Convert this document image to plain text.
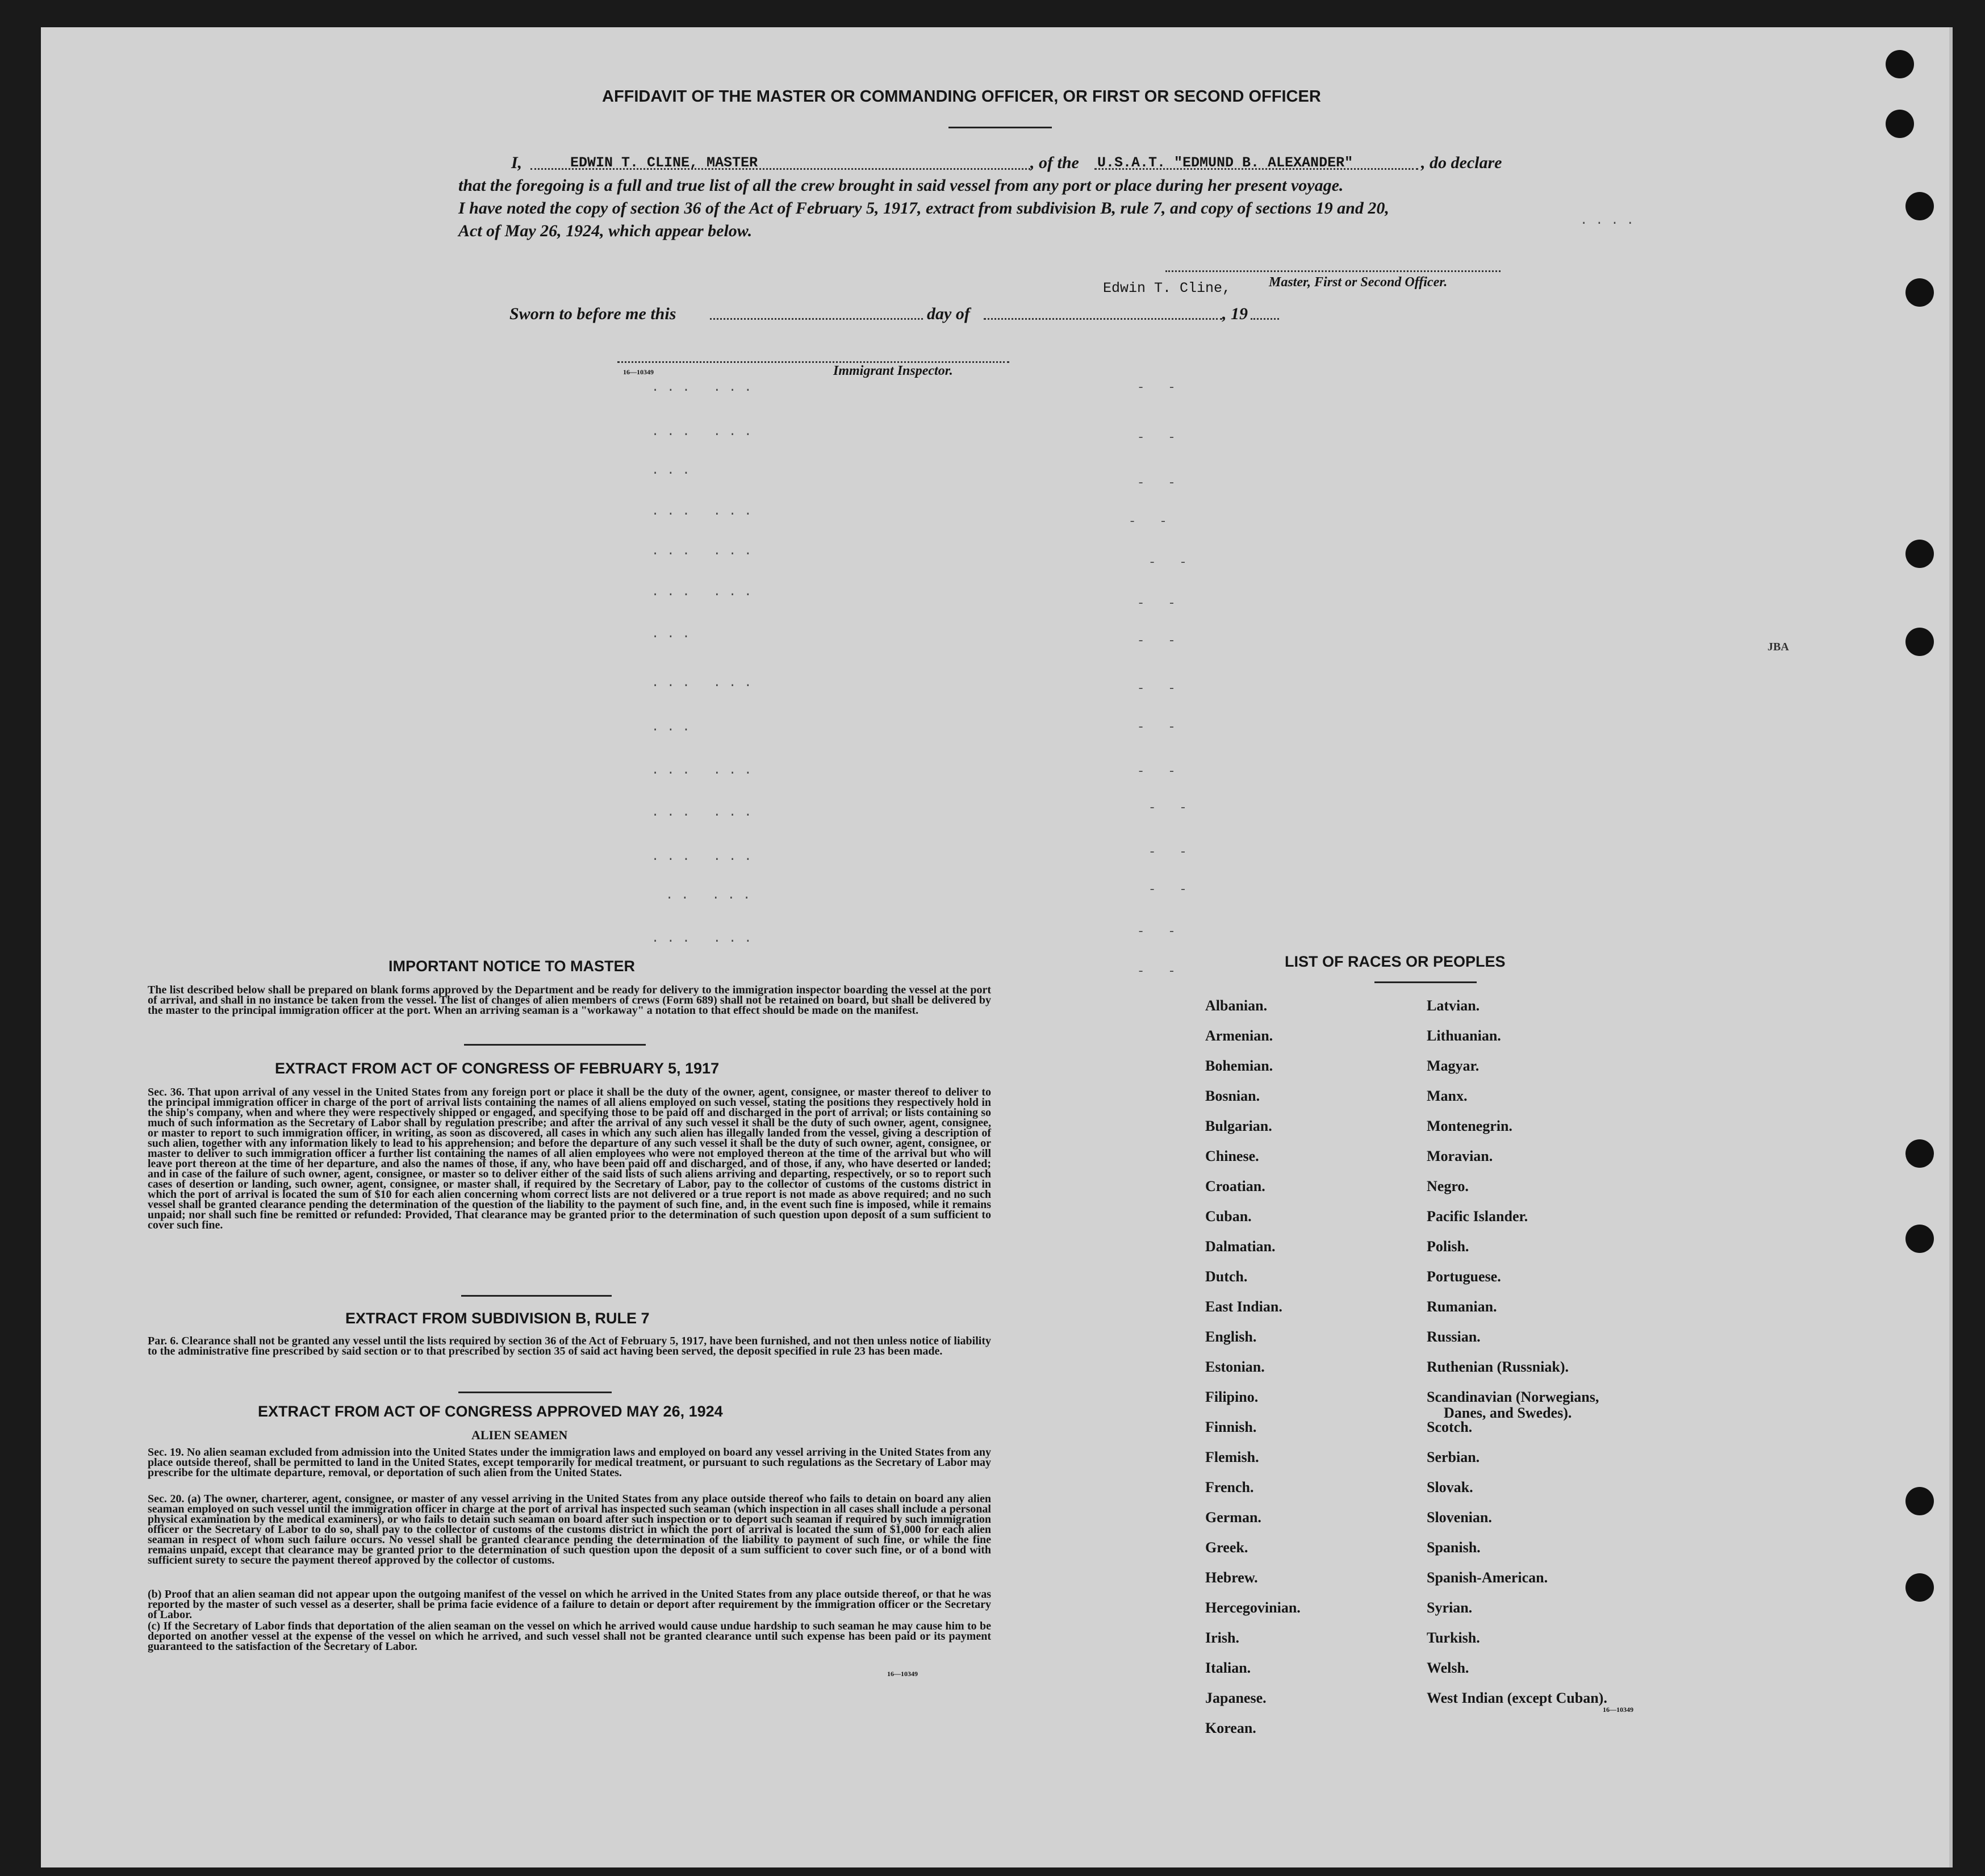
AFFIDAVIT OF THE MASTER OR COMMANDING OFFICER, OR FIRST OR SECOND OFFICER
I,	EDWIN T. CLINE, MASTER	, of the U.S.A.T. "EDMUND B. ALEXANDER"	, do declare
that the foregoing is a full and true list of all the crew brought in said vessel from any port or place during her present voyage.
I have noted the copy of section 36 of the Act of February 5, 1917, extract from subdivision B, rule 7, and copy of sections 19 and 20,
Act of May 26, 1924, which appear below.
Edwin T. Cline,	Master, First or Second Officer.
Sworn to before me this	day of	, 19
16—10349	Immigrant Inspector.
... ...
... ...
...
... ...
... ...
... ...
...
... ...
...
... ...
... ...
... ...
.. ...
... ...
- -
- -
- -
- -
- -
- -
- -
- -
- -
- -
- -
- -
- -
- -
- -
....
JBA
IMPORTANT NOTICE TO MASTER
The list described below shall be prepared on blank forms approved by the Department and be ready for delivery to the immigration inspector boarding the vessel at the port of arrival, and shall in no instance be taken from the vessel. The list of changes of alien members of crews (Form 689) shall not be retained on board, but shall be delivered by the master to the principal immigration officer at the port. When an arriving seaman is a "workaway" a notation to that effect should be made on the manifest.
EXTRACT FROM ACT OF CONGRESS OF FEBRUARY 5, 1917
Sec. 36. That upon arrival of any vessel in the United States from any foreign port or place it shall be the duty of the owner, agent, consignee, or master thereof to deliver to the principal immigration officer in charge of the port of arrival lists containing the names of all aliens employed on such vessel, stating the positions they respectively hold in the ship's company, when and where they were respectively shipped or engaged, and specifying those to be paid off and discharged in the port of arrival; or lists containing so much of such information as the Secretary of Labor shall by regulation prescribe; and after the arrival of any such vessel it shall be the duty of such owner, agent, consignee, or master to report to such immigration officer, in writing, as soon as discovered, all cases in which any such alien has illegally landed from the vessel, giving a description of such alien, together with any information likely to lead to his apprehension; and before the departure of any such vessel it shall be the duty of such owner, agent, consignee, or master to deliver to such immigration officer a further list containing the names of all alien employees who were not employed thereon at the time of the arrival but who will leave port thereon at the time of her departure, and also the names of those, if any, who have been paid off and discharged, and of those, if any, who have deserted or landed; and in case of the failure of such owner, agent, consignee, or master so to deliver either of the said lists of such aliens arriving and departing, respectively, or so to report such cases of desertion or landing, such owner, agent, consignee, or master shall, if required by the Secretary of Labor, pay to the collector of customs of the customs district in which the port of arrival is located the sum of $10 for each alien concerning whom correct lists are not delivered or a true report is not made as above required; and no such vessel shall be granted clearance pending the determination of the question of the liability to the payment of such fine, and, in the event such fine is imposed, while it remains unpaid; nor shall such fine be remitted or refunded: Provided, That clearance may be granted prior to the determination of such question upon deposit of a sum sufficient to cover such fine.
EXTRACT FROM SUBDIVISION B, RULE 7
Par. 6. Clearance shall not be granted any vessel until the lists required by section 36 of the Act of February 5, 1917, have been furnished, and not then unless notice of liability to the administrative fine prescribed by said section or to that prescribed by section 35 of said act having been served, the deposit specified in rule 23 has been made.
EXTRACT FROM ACT OF CONGRESS APPROVED MAY 26, 1924
ALIEN SEAMEN
Sec. 19. No alien seaman excluded from admission into the United States under the immigration laws and employed on board any vessel arriving in the United States from any place outside thereof, shall be permitted to land in the United States, except temporarily for medical treatment, or pursuant to such regulations as the Secretary of Labor may prescribe for the ultimate departure, removal, or deportation of such alien from the United States.
Sec. 20. (a) The owner, charterer, agent, consignee, or master of any vessel arriving in the United States from any place outside thereof who fails to detain on board any alien seaman employed on such vessel until the immigration officer in charge at the port of arrival has inspected such seaman (which inspection in all cases shall include a personal physical examination by the medical examiners), or who fails to detain such seaman on board after such inspection or to deport such seaman if required by such immigration officer or the Secretary of Labor to do so, shall pay to the collector of customs of the customs district in which the port of arrival is located the sum of $1,000 for each alien seaman in respect of whom such failure occurs. No vessel shall be granted clearance pending the determination of the liability to payment of such fine, or while the fine remains unpaid, except that clearance may be granted prior to the determination of such question upon the deposit of a sum sufficient to cover such fine, or of a bond with sufficient surety to secure the payment thereof approved by the collector of customs.
(b) Proof that an alien seaman did not appear upon the outgoing manifest of the vessel on which he arrived in the United States from any place outside thereof, or that he was reported by the master of such vessel as a deserter, shall be prima facie evidence of a failure to detain or deport after requirement by the immigration officer or the Secretary of Labor.
(c) If the Secretary of Labor finds that deportation of the alien seaman on the vessel on which he arrived would cause undue hardship to such seaman he may cause him to be deported on another vessel at the expense of the vessel on which he arrived, and such vessel shall not be granted clearance until such expense has been paid or its payment guaranteed to the satisfaction of the Secretary of Labor.
16—10349
LIST OF RACES OR PEOPLES
Albanian.
Armenian.
Bohemian.
Bosnian.
Bulgarian.
Chinese.
Croatian.
Cuban.
Dalmatian.
Dutch.
East Indian.
English.
Estonian.
Filipino.
Finnish.
Flemish.
French.
German.
Greek.
Hebrew.
Hercegovinian.
Irish.
Italian.
Japanese.
Korean.
Latvian.
Lithuanian.
Magyar.
Manx.
Montenegrin.
Moravian.
Negro.
Pacific Islander.
Polish.
Portuguese.
Rumanian.
Russian.
Ruthenian (Russniak).
Scandinavian (Norwegians,
Danes, and Swedes).
Scotch.
Serbian.
Slovak.
Slovenian.
Spanish.
Spanish-American.
Syrian.
Turkish.
Welsh.
West Indian (except Cuban).
16—10349
